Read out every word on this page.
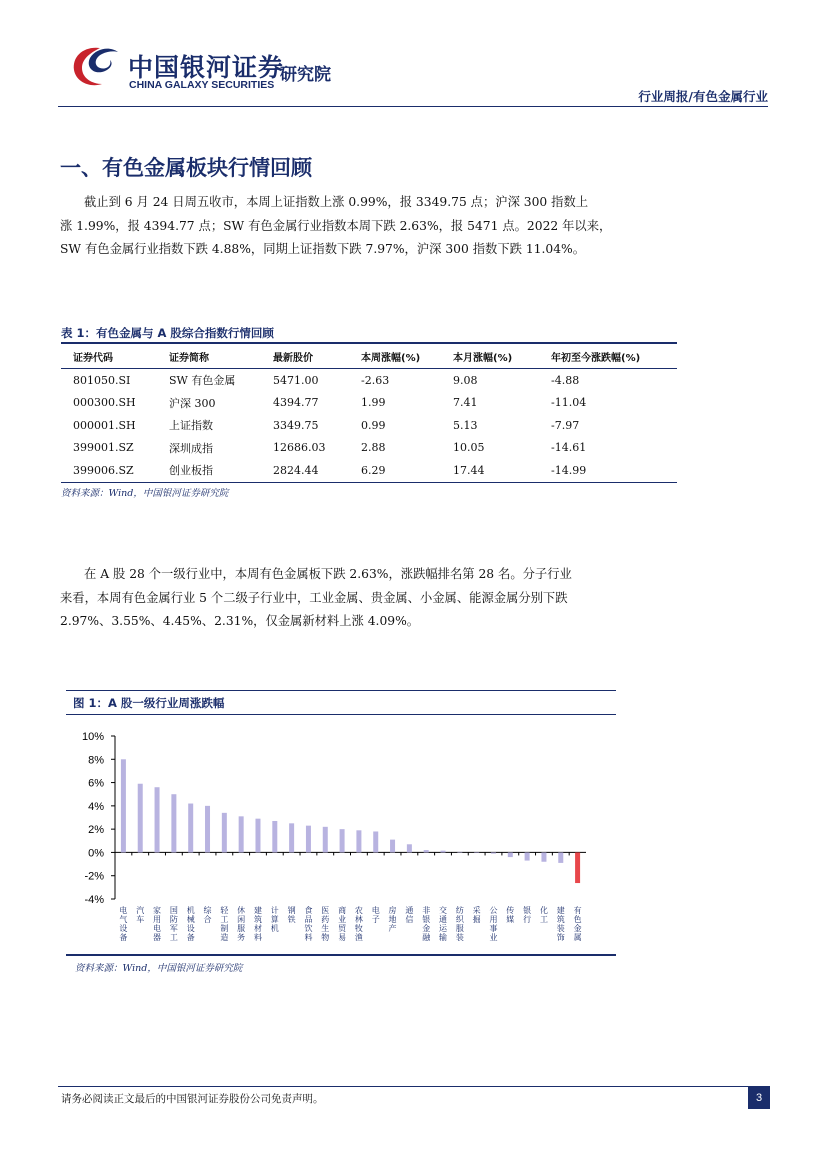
中国银河证券
CHINA GALAXY SECURITIES 研究院
行业周报/有色金属行业
一、有色金属板块行情回顾
截止到 6 月 24 日周五收市，本周上证指数上涨 0.99%，报 3349.75 点；沪深 300 指数上
涨 1.99%，报 4394.77 点；SW 有色金属行业指数本周下跌 2.63%，报 5471 点。2022 年以来，
SW 有色金属行业指数下跌 4.88%，同期上证指数下跌 7.97%，沪深 300 指数下跌 11.04%。
表 1：有色金属与 A 股综合指数行情回顾
证券代码	证券简称	最新股价	本周涨幅(%)	本月涨幅(%)	年初至今涨跌幅(%)
801050.SI	SW 有色金属	5471.00	-2.63	9.08	-4.88
000300.SH	沪深 300	4394.77	1.99	7.41	-11.04
000001.SH	上证指数	3349.75	0.99	5.13	-7.97
399001.SZ	深圳成指	12686.03	2.88	10.05	-14.61
399006.SZ	创业板指	2824.44	6.29	17.44	-14.99
资料来源：Wind，中国银河证券研究院
在 A 股 28 个一级行业中，本周有色金属板下跌 2.63%，涨跌幅排名第 28 名。分子行业
来看，本周有色金属行业 5 个二级子行业中，工业金属、贵金属、小金属、能源金属分别下跌
2.97%、3.55%、4.45%、2.31%，仅金属新材料上涨 4.09%。
图 1：A 股一级行业周涨跌幅
-4%
-2%
0%
2%
4%
6%
8%
10%
电气设备
汽车
家用电器
国防军工
机械设备
综合
轻工制造
休闲服务
建筑材料
计算机
钢铁
食品饮料
医药生物
商业贸易
农林牧渔
电子
房地产
通信
非银金融
交通运输
纺织服装
采掘
公用事业
传媒
银行
化工
建筑装饰
有色金属
资料来源：Wind，中国银河证券研究院
请务必阅读正文最后的中国银河证券股份公司免责声明。	3
